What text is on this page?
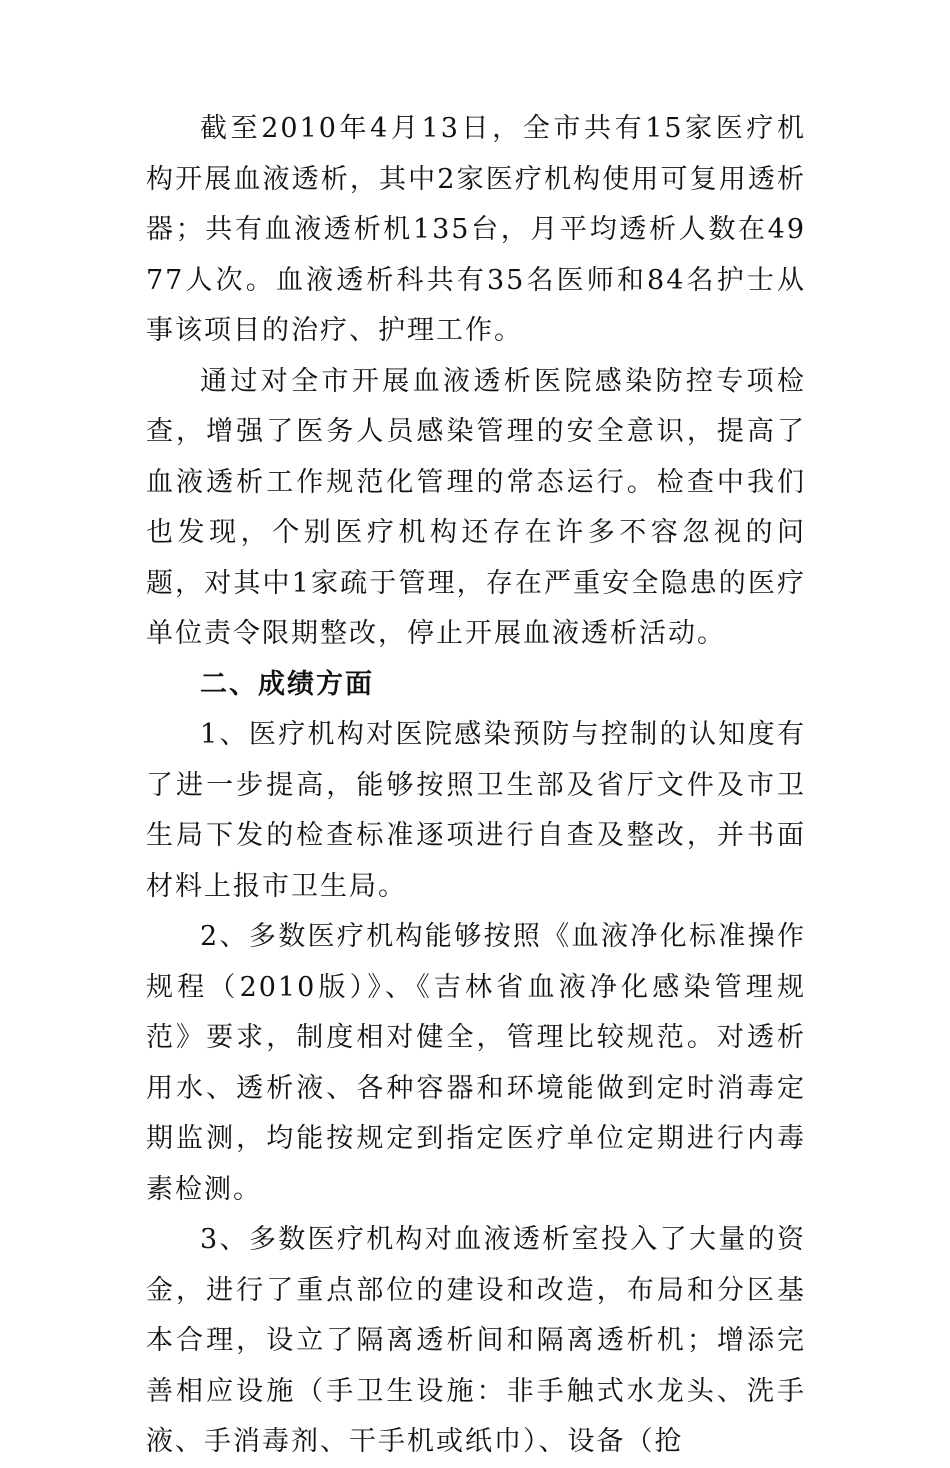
截至2010年4月13日，全市共有15家医疗机构开展血液透析，其中2家医疗机构使用可复用透析器；共有血液透析机135台，月平均透析人数在4977人次。血液透析科共有35名医师和84名护士从事该项目的治疗、护理工作。

通过对全市开展血液透析医院感染防控专项检查，增强了医务人员感染管理的安全意识，提高了血液透析工作规范化管理的常态运行。检查中我们也发现，个别医疗机构还存在许多不容忽视的问题，对其中1家疏于管理，存在严重安全隐患的医疗单位责令限期整改，停止开展血液透析活动。

二、成绩方面

1、医疗机构对医院感染预防与控制的认知度有了进一步提高，能够按照卫生部及省厅文件及市卫生局下发的检查标准逐项进行自查及整改，并书面材料上报市卫生局。

2、多数医疗机构能够按照《血液净化标准操作规程（2010版）》、《吉林省血液净化感染管理规范》要求，制度相对健全，管理比较规范。对透析用水、透析液、各种容器和环境能做到定时消毒定期监测，均能按规定到指定医疗单位定期进行内毒素检测。

3、多数医疗机构对血液透析室投入了大量的资金，进行了重点部位的建设和改造，布局和分区基本合理，设立了隔离透析间和隔离透析机；增添完善相应设施（手卫生设施：非手触式水龙头、洗手液、手消毒剂、干手机或纸巾）、设备（抢
